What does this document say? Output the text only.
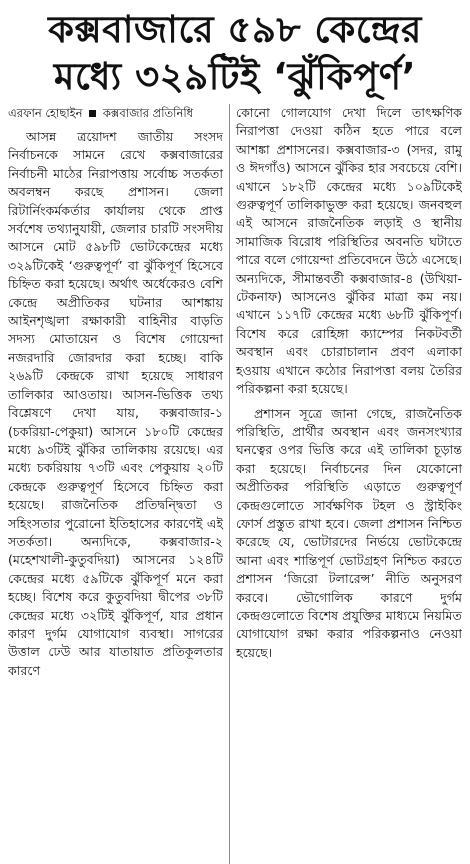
কক্সবাজারে ৫৯৮ কেন্দ্রের
মধ্যে ৩২৯টিই ‘ঝুঁকিপূর্ণ’
এরফান হোছাইন কক্সবাজার প্রতিনিধি

আসন্ন ত্রয়োদশ জাতীয় সংসদ নির্বাচনকে সামনে রেখে কক্সবাজারের নির্বাচনী মাঠের নিরাপত্তায় সর্বোচ্চ সতর্কতা অবলম্বন করছে প্রশাসন। জেলা রিটার্নিংকর্মকর্তার কার্যালয় থেকে প্রাপ্ত সর্বশেষ তথ্যানুযায়ী, জেলার চারটি সংসদীয় আসনে মোট ৫৯৮টি ভোটকেন্দ্রের মধ্যে ৩২৯টিকেই ‘গুরুত্বপূর্ণ’ বা ঝুঁকিপূর্ণ হিসেবে চিহ্নিত করা হয়েছে। অর্থাৎ অর্ধেকেরও বেশি কেন্দ্রে অপ্রীতিকর ঘটনার আশঙ্কায় আইনশৃঙ্খলা রক্ষাকারী বাহিনীর বাড়তি সদস্য মোতায়েন ও বিশেষ গোয়েন্দা নজরদারি জোরদার করা হচ্ছে। বাকি ২৬৯টি কেন্দ্রকে রাখা হয়েছে সাধারণ তালিকার আওতায়। আসন-ভিত্তিক তথ্য বিশ্লেষণে দেখা যায়, কক্সবাজার-১ (চকরিয়া-পেকুয়া) আসনে ১৮০টি কেন্দ্রের মধ্যে ৯৩টিই ঝুঁকির তালিকায় রয়েছে। এর মধ্যে চকরিয়ায় ৭৩টি এবং পেকুয়ায় ২০টি কেন্দ্রকে গুরুত্বপূর্ণ হিসেবে চিহ্নিত করা হয়েছে। রাজনৈতিক প্রতিদ্বন্দ্বিতা ও সহিংসতার পুরোনো ইতিহাসের কারণেই এই সতর্কতা। অন্যদিকে, কক্সবাজার-২ (মহেশখালী-কুতুবদিয়া) আসনের ১২৪টি কেন্দ্রের মধ্যে ৫৯টিকে ঝুঁকিপূর্ণ মনে করা হচ্ছে। বিশেষ করে কুতুবদিয়া দ্বীপের ৩৮টি কেন্দ্রের মধ্যে ৩২টিই ঝুঁকিপূর্ণ, যার প্রধান কারণ দুর্গম যোগাযোগ ব্যবস্থা। সাগরের উত্তাল ঢেউ আর যাতায়াত প্রতিকূলতার কারণে

কোনো গোলযোগ দেখা দিলে তাৎক্ষণিক নিরাপত্তা দেওয়া কঠিন হতে পারে বলে আশঙ্কা প্রশাসনের। কক্সবাজার-৩ (সদর, রামু ও ঈদগাঁও) আসনে ঝুঁকির হার সবচেয়ে বেশি। এখানে ১৮২টি কেন্দ্রের মধ্যে ১০৯টিকেই গুরুত্বপূর্ণ তালিকাভুক্ত করা হয়েছে। জনবহুল এই আসনে রাজনৈতিক লড়াই ও স্থানীয় সামাজিক বিরোধ পরিস্থিতির অবনতি ঘটাতে পারে বলে গোয়েন্দা প্রতিবেদনে উঠে এসেছে। অন্যদিকে, সীমান্তবর্তী কক্সবাজার-৪ (উখিয়া-টেকনাফ) আসনেও ঝুঁকির মাত্রা কম নয়। এখানে ১১৭টি কেন্দ্রের মধ্যে ৬৮টি ঝুঁকিপূর্ণ। বিশেষ করে রোহিঙ্গা ক্যাম্পের নিকটবর্তী অবস্থান এবং চোরাচালান প্রবণ এলাকা হওয়ায় এখানে কঠোর নিরাপত্তা বলয় তৈরির পরিকল্পনা করা হয়েছে।

প্রশাসন সূত্রে জানা গেছে, রাজনৈতিক পরিস্থিতি, প্রার্থীর অবস্থান এবং জনসংখ্যার ঘনত্বের ওপর ভিত্তি করে এই তালিকা চূড়ান্ত করা হয়েছে। নির্বাচনের দিন যেকোনো অপ্রীতিকর পরিস্থিতি এড়াতে গুরুত্বপূর্ণ কেন্দ্রগুলোতে সার্বক্ষণিক টহল ও স্ট্রাইকিং ফোর্স প্রস্তুত রাখা হবে। জেলা প্রশাসন নিশ্চিত করেছে যে, ভোটারদের নির্ভয়ে ভোটকেন্দ্রে আনা এবং শান্তিপূর্ণ ভোটগ্রহণ নিশ্চিত করতে প্রশাসন ‘জিরো টলারেন্স’ নীতি অনুসরণ করবে। ভৌগোলিক কারণে দুর্গম কেন্দ্রগুলোতে বিশেষ প্রযুক্তির মাধ্যমে নিয়মিত যোগাযোগ রক্ষা করার পরিকল্পনাও নেওয়া হয়েছে।
